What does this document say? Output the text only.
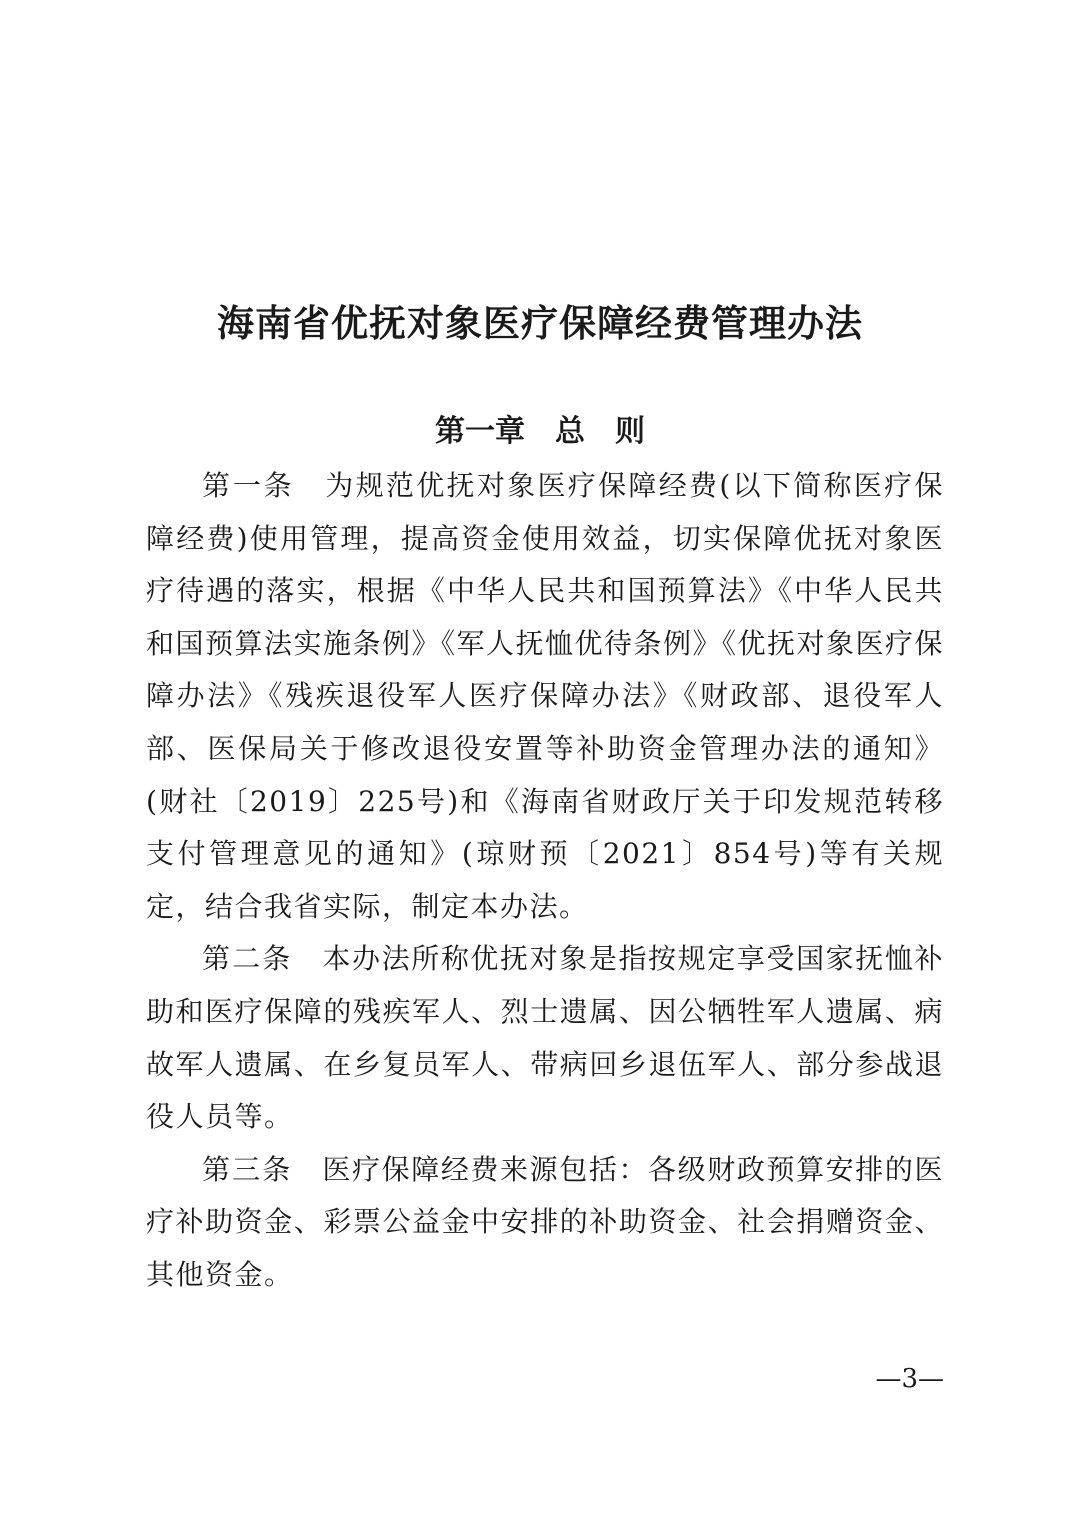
海南省优抚对象医疗保障经费管理办法
第一章　总　则

第一条　为规范优抚对象医疗保障经费(以下简称医疗保障经费)使用管理，提高资金使用效益，切实保障优抚对象医疗待遇的落实，根据《中华人民共和国预算法》《中华人民共和国预算法实施条例》《军人抚恤优待条例》《优抚对象医疗保障办法》《残疾退役军人医疗保障办法》《财政部、退役军人部、医保局关于修改退役安置等补助资金管理办法的通知》(财社〔2019〕225号)和《海南省财政厅关于印发规范转移支付管理意见的通知》(琼财预〔2021〕854号)等有关规定，结合我省实际，制定本办法。

第二条　本办法所称优抚对象是指按规定享受国家抚恤补助和医疗保障的残疾军人、烈士遗属、因公牺牲军人遗属、病故军人遗属、在乡复员军人、带病回乡退伍军人、部分参战退役人员等。

第三条　医疗保障经费来源包括：各级财政预算安排的医疗补助资金、彩票公益金中安排的补助资金、社会捐赠资金、其他资金。

—3—
